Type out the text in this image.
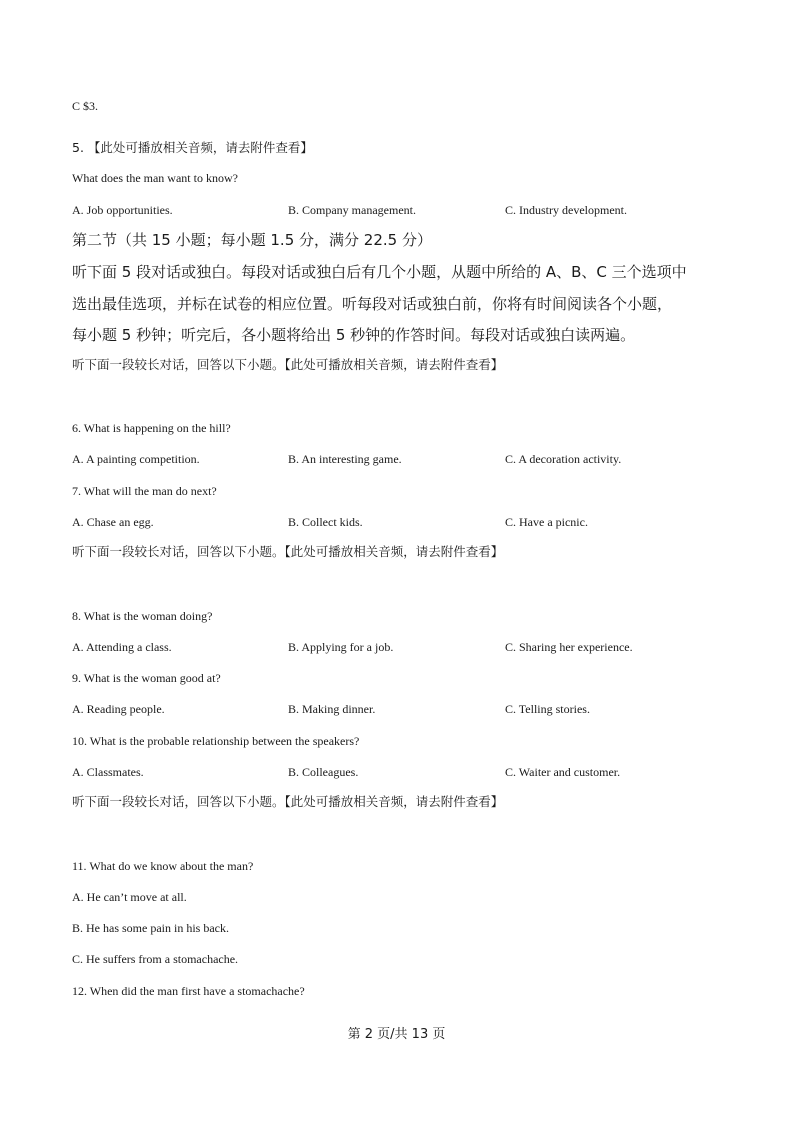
C $3.
5. 【此处可播放相关音频，请去附件查看】
What does the man want to know?
A. Job opportunities.	B. Company management.	C. Industry development.
第二节（共 15 小题；每小题 1.5 分，满分 22.5 分）
听下面 5 段对话或独白。每段对话或独白后有几个小题，从题中所给的 A、B、C 三个选项中
选出最佳选项，并标在试卷的相应位置。听每段对话或独白前，你将有时间阅读各个小题，
每小题 5 秒钟；听完后，各小题将给出 5 秒钟的作答时间。每段对话或独白读两遍。
听下面一段较长对话，回答以下小题。【此处可播放相关音频，请去附件查看】
6. What is happening on the hill?
A. A painting competition.	B. An interesting game.	C. A decoration activity.
7. What will the man do next?
A. Chase an egg.	B. Collect kids.	C. Have a picnic.
听下面一段较长对话，回答以下小题。【此处可播放相关音频，请去附件查看】
8. What is the woman doing?
A. Attending a class.	B. Applying for a job.	C. Sharing her experience.
9. What is the woman good at?
A. Reading people.	B. Making dinner.	C. Telling stories.
10. What is the probable relationship between the speakers?
A. Classmates.	B. Colleagues.	C. Waiter and customer.
听下面一段较长对话，回答以下小题。【此处可播放相关音频，请去附件查看】
11. What do we know about the man?
A. He can’t move at all.
B. He has some pain in his back.
C. He suffers from a stomachache.
12. When did the man first have a stomachache?
第 2 页/共 13 页
